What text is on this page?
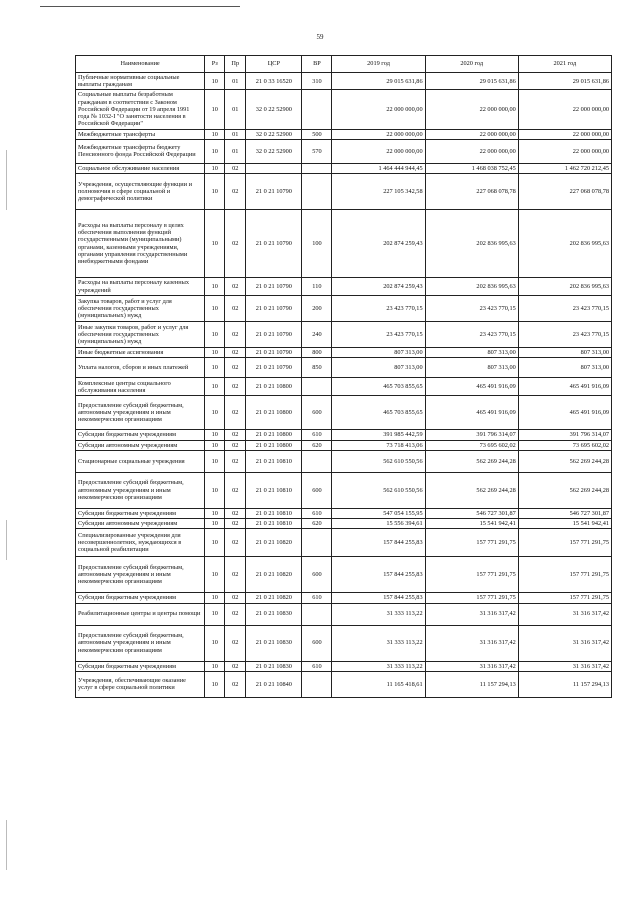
59
Наименование	Рз	Пр	ЦСР	ВР	2019 год	2020 год	2021 год
Публичные нормативные социальные выплаты гражданам	10	01	21 0 33 16520	310	29 015 631,86	29 015 631,86	29 015 631,86
Социальные выплаты безработным гражданам в соответствии с Законом Российской Федерации от 19 апреля 1991 года № 1032-I "О занятости населения в Российской Федерации"	10	01	32 0 22 52900		22 000 000,00	22 000 000,00	22 000 000,00
Межбюджетные трансферты	10	01	32 0 22 52900	500	22 000 000,00	22 000 000,00	22 000 000,00
Межбюджетные трансферты бюджету Пенсионного фонда Российской Федерации	10	01	32 0 22 52900	570	22 000 000,00	22 000 000,00	22 000 000,00
Социальное обслуживание населения	10	02			1 464 444 944,45	1 468 038 752,45	1 462 720 212,45
Учреждения, осуществляющие функции и полномочия в сфере социальной и демографической политики	10	02	21 0 21 10790		227 105 342,58	227 068 078,78	227 068 078,78
Расходы на выплаты персоналу в целях обеспечения выполнения функций государственными (муниципальными) органами, казенными учреждениями, органами управления государственными внебюджетными фондами	10	02	21 0 21 10790	100	202 874 259,43	202 836 995,63	202 836 995,63
Расходы на выплаты персоналу казенных учреждений	10	02	21 0 21 10790	110	202 874 259,43	202 836 995,63	202 836 995,63
Закупка товаров, работ и услуг для обеспечения государственных (муниципальных) нужд	10	02	21 0 21 10790	200	23 423 770,15	23 423 770,15	23 423 770,15
Иные закупки товаров, работ и услуг для обеспечения государственных (муниципальных) нужд	10	02	21 0 21 10790	240	23 423 770,15	23 423 770,15	23 423 770,15
Иные бюджетные ассигнования	10	02	21 0 21 10790	800	807 313,00	807 313,00	807 313,00
Уплата налогов, сборов и иных платежей	10	02	21 0 21 10790	850	807 313,00	807 313,00	807 313,00
Комплексные центры социального обслуживания населения	10	02	21 0 21 10800		465 703 855,65	465 491 916,09	465 491 916,09
Предоставление субсидий бюджетным, автономным учреждениям и иным некоммерческим организациям	10	02	21 0 21 10800	600	465 703 855,65	465 491 916,09	465 491 916,09
Субсидии бюджетным учреждениям	10	02	21 0 21 10800	610	391 985 442,59	391 796 314,07	391 796 314,07
Субсидии автономным учреждениям	10	02	21 0 21 10800	620	73 718 413,06	73 695 602,02	73 695 602,02
Стационарные социальные учреждения	10	02	21 0 21 10810		562 610 550,56	562 269 244,28	562 269 244,28
Предоставление субсидий бюджетным, автономным учреждениям и иным некоммерческим организациям	10	02	21 0 21 10810	600	562 610 550,56	562 269 244,28	562 269 244,28
Субсидии бюджетным учреждениям	10	02	21 0 21 10810	610	547 054 155,95	546 727 301,87	546 727 301,87
Субсидии автономным учреждениям	10	02	21 0 21 10810	620	15 556 394,61	15 541 942,41	15 541 942,41
Специализированные учреждения для несовершеннолетних, нуждающихся в социальной реабилитации	10	02	21 0 21 10820		157 844 255,83	157 771 291,75	157 771 291,75
Предоставление субсидий бюджетным, автономным учреждениям и иным некоммерческим организациям	10	02	21 0 21 10820	600	157 844 255,83	157 771 291,75	157 771 291,75
Субсидии бюджетным учреждениям	10	02	21 0 21 10820	610	157 844 255,83	157 771 291,75	157 771 291,75
Реабилитационные центры и центры помощи	10	02	21 0 21 10830		31 333 113,22	31 316 317,42	31 316 317,42
Предоставление субсидий бюджетным, автономным учреждениям и иным некоммерческим организациям	10	02	21 0 21 10830	600	31 333 113,22	31 316 317,42	31 316 317,42
Субсидии бюджетным учреждениям	10	02	21 0 21 10830	610	31 333 113,22	31 316 317,42	31 316 317,42
Учреждения, обеспечивающие оказание услуг в сфере социальной политики	10	02	21 0 21 10840		11 165 418,61	11 157 294,13	11 157 294,13
